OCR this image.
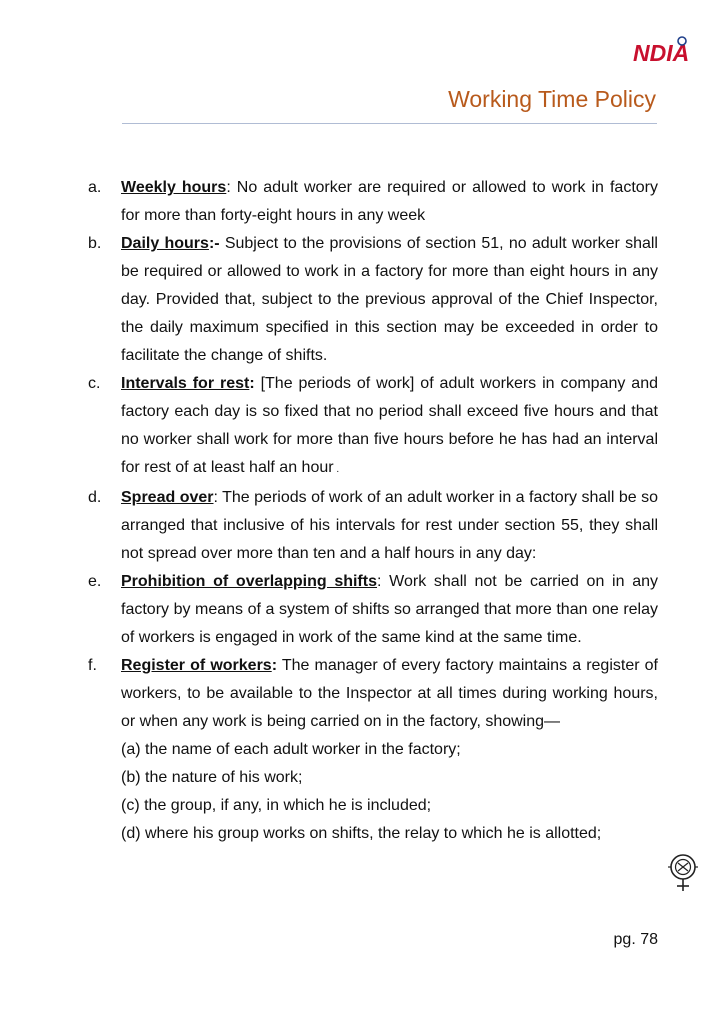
NDIA
Working Time Policy
a. Weekly hours: No adult worker are required or allowed to work in factory for more than forty-eight hours in any week
b. Daily hours:- Subject to the provisions of section 51, no adult worker shall be required or allowed to work in a factory for more than eight hours in any day. Provided that, subject to the previous approval of the Chief Inspector, the daily maximum specified in this section may be exceeded in order to facilitate the change of shifts.
c. Intervals for rest: [The periods of work] of adult workers in company and factory each day is so fixed that no period shall exceed five hours and that no worker shall work for more than five hours before he has had an interval for rest of at least half an hour .
d. Spread over: The periods of work of an adult worker in a factory shall be so arranged that inclusive of his intervals for rest under section 55, they shall not spread over more than ten and a half hours in any day:
e. Prohibition of overlapping shifts: Work shall not be carried on in any factory by means of a system of shifts so arranged that more than one relay of workers is engaged in work of the same kind at the same time.
f. Register of workers: The manager of every factory maintains a register of workers, to be available to the Inspector at all times during working hours, or when any work is being carried on in the factory, showing—
(a) the name of each adult worker in the factory;
(b) the nature of his work;
(c) the group, if any, in which he is included;
(d) where his group works on shifts, the relay to which he is allotted;
pg. 78
